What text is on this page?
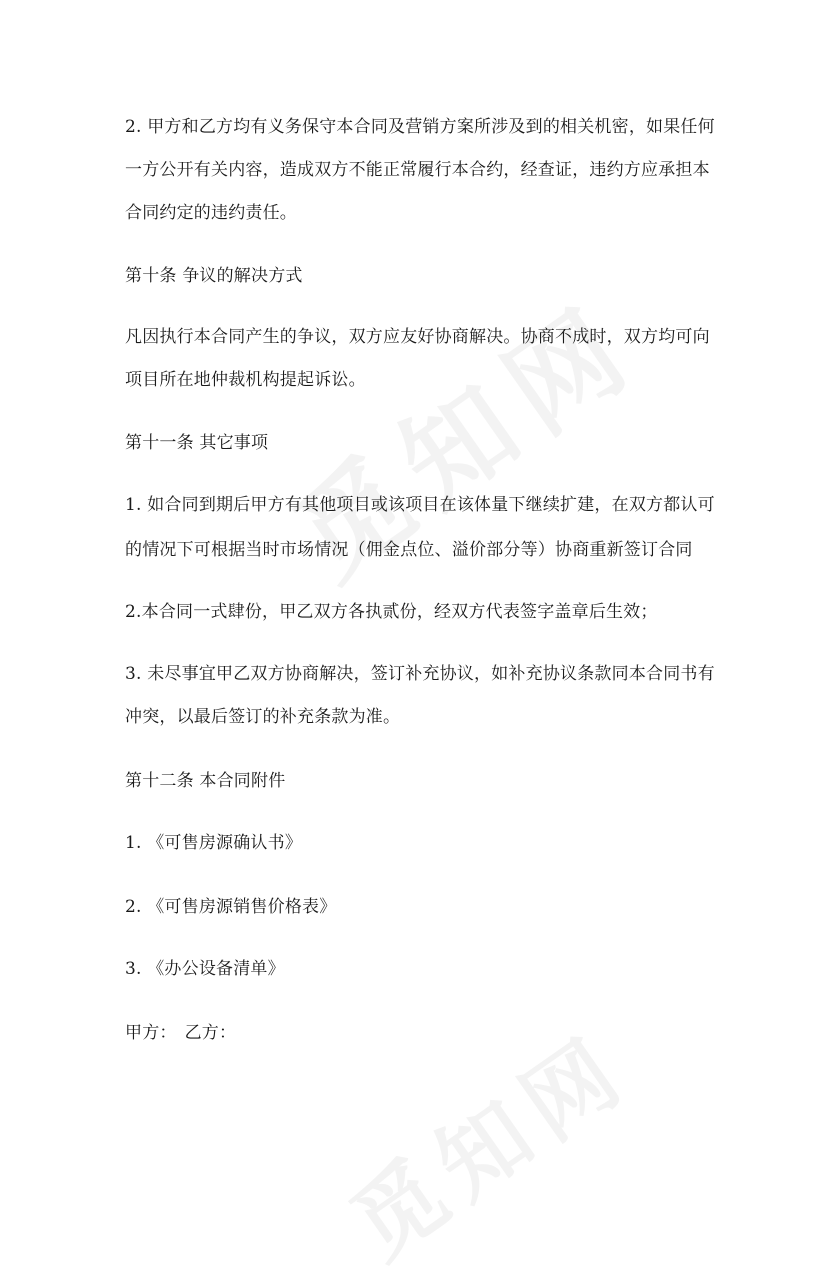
2. 甲方和乙方均有义务保守本合同及营销方案所涉及到的相关机密，如果任何

一方公开有关内容，造成双方不能正常履行本合约，经查证，违约方应承担本

合同约定的违约责任。

第十条 争议的解决方式

凡因执行本合同产生的争议，双方应友好协商解决。协商不成时，双方均可向

项目所在地仲裁机构提起诉讼。

第十一条 其它事项

1. 如合同到期后甲方有其他项目或该项目在该体量下继续扩建，在双方都认可

的情况下可根据当时市场情况（佣金点位、溢价部分等）协商重新签订合同

2.本合同一式肆份，甲乙双方各执贰份，经双方代表签字盖章后生效；

3. 未尽事宜甲乙双方协商解决，签订补充协议，如补充协议条款同本合同书有

冲突，以最后签订的补充条款为准。

第十二条 本合同附件

1. 《可售房源确认书》

2. 《可售房源销售价格表》

3. 《办公设备清单》

甲方： 乙方：
